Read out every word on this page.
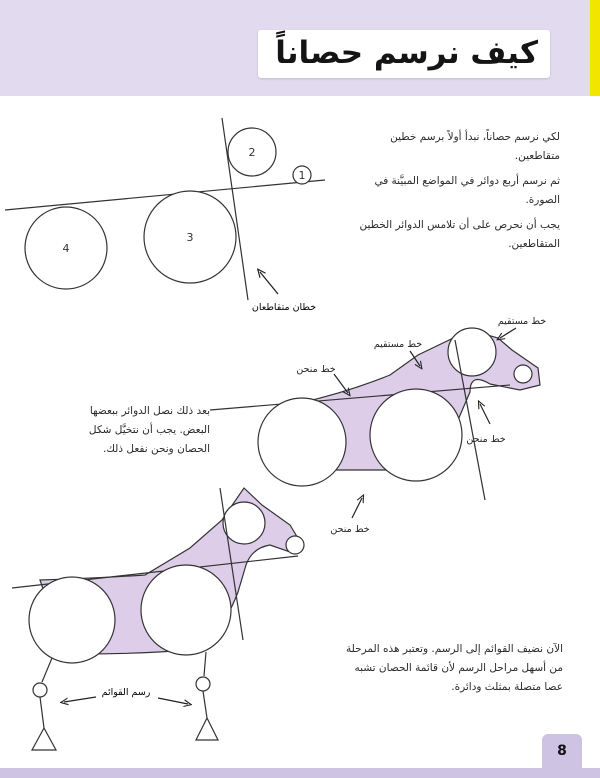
كيف نرسم حصاناً

لكي نرسم حصاناً، نبدأ أولاً برسم خطين متقاطعين.

ثم نرسم أربع دوائر في المواضع المبيَّنة في الصورة.

يجب أن نحرص على أن تلامس الدوائر الخطين المتقاطعين.

بعد ذلك نصل الدوائر ببعضها البعض. يجب أن نتخيَّل شكل الحصان ونحن نفعل ذلك.

الآن نضيف القوائم إلى الرسم. وتعتبر هذه المرحلة من أسهل مراحل الرسم لأن قائمة الحصان تشبه عصا متصلة بمثلث ودائرة.

4
3
2
1
خطان متقاطعان
خط مستقيم
خط مستقيم
خط منحن
خط منحن
خط منحن
رسم القوائم
8
